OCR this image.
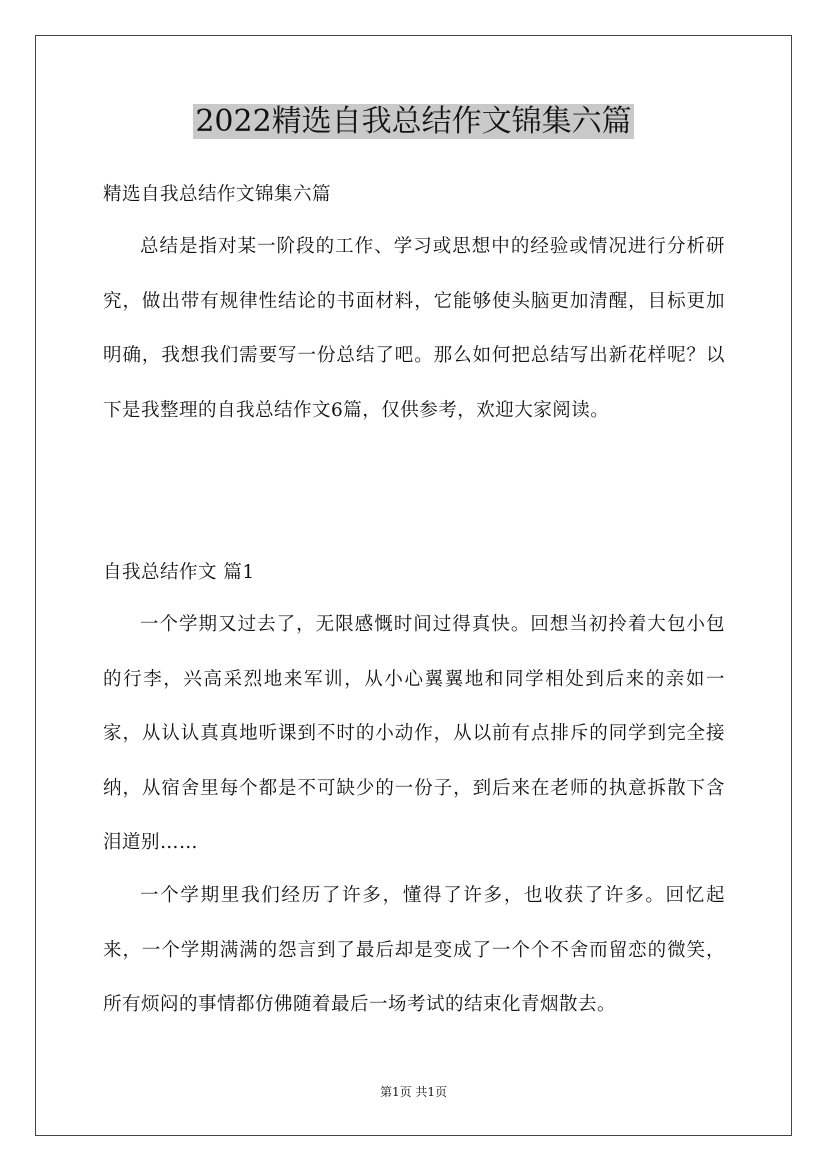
2022精选自我总结作文锦集六篇
精选自我总结作文锦集六篇

总结是指对某一阶段的工作、学习或思想中的经验或情况进行分析研究，做出带有规律性结论的书面材料，它能够使头脑更加清醒，目标更加明确，我想我们需要写一份总结了吧。那么如何把总结写出新花样呢？以下是我整理的自我总结作文6篇，仅供参考，欢迎大家阅读。

自我总结作文 篇1

一个学期又过去了，无限感慨时间过得真快。回想当初拎着大包小包的行李，兴高采烈地来军训，从小心翼翼地和同学相处到后来的亲如一家，从认认真真地听课到不时的小动作，从以前有点排斥的同学到完全接纳，从宿舍里每个都是不可缺少的一份子，到后来在老师的执意拆散下含泪道别……

一个学期里我们经历了许多，懂得了许多，也收获了许多。回忆起来，一个学期满满的怨言到了最后却是变成了一个个不舍而留恋的微笑，所有烦闷的事情都仿佛随着最后一场考试的结束化青烟散去。

第1页 共1页
